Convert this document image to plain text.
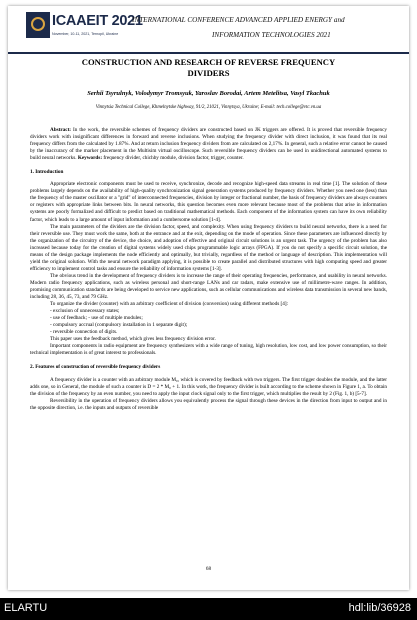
ICAAEIT 2021
November, 10-11, 2021, Ternopil, Ukraine
INTERNATIONAL CONFERENCE ADVANCED APPLIED ENERGY and
INFORMATION TECHNOLOGIES 2021
CONSTRUCTION AND RESEARCH OF REVERSE FREQUENCY
DIVIDERS
Serhii Tsyrulnyk, Volodymyr Tromsyuk, Yaroslav Borodai, Artem Metelitsa, Vasyl Tkachuk
Vinnytsia Technical College, Khmelnytske highway, 91/2, 21021, Vinnytsya, Ukraine; E-mail: tech.college@vtc.vn.ua

Abstract: In the work, the reversible schemes of frequency dividers are constructed based on JK triggers are offered. It is proved that reversible frequency dividers work with insignificant differences in forward and reverse inclusions. When studying the frequency divider with direct inclusion, it was found that its real frequency differs from the calculated by 1.87%. And at return inclusion frequency dividers from are calculated on 2,17%. In general, such a relative error cannot be caused by the inaccuracy of the marker placement in the Multisim virtual oscilloscope. Such reversible frequency dividers can be used in unidirectional automated systems to build neural networks. Keywords: frequency divider, chichby module, division factor, trigger, counter.

1. Introduction

Appropriate electronic components must be used to receive, synchronize, decode and recognize high-speed data streams in real time [1]. The solution of these problems largely depends on the availability of high-quality synchronization signal generation systems produced by frequency dividers. Whether you need one (less) than the frequency of the master oscillator or a "grid" of interconnected frequencies, division by integer or fractional number, the basis of frequency dividers are always counters or registers with appropriate links between bits. In neural networks, this question becomes even more relevant because most of the problems that arise in information systems are poorly formalized and difficult to predict based on traditional mathematical methods. Each component of the information system can have its own reliability factor, which leads to a large amount of input information and a cumbersome solution [1-4].

The main parameters of the dividers are the division factor, speed, and complexity. When using frequency dividers to build neural networks, there is a need for their reversible use. They must work the same, both at the entrance and at the exit, depending on the mode of operation. Since these parameters are influenced directly by the organization of the circuitry of the device, the choice, and adoption of effective and original circuit solutions is an urgent task. The urgency of the problem has also increased because today for the creation of digital systems widely used chips programmable logic arrays (FPGA). If you do not specify a specific circuit solution, the means of the design package implements the node efficiently and optimally, but trivially, regardless of the method or language of description. This implementation will yield the original solution. With the neural network paradigm applying, it is possible to create parallel and distributed structures with high computing speed and greater efficiency to implement control tasks and ensure the reliability of information systems [1-3].

The obvious trend in the development of frequency dividers is to increase the range of their operating frequencies, performance, and usability in neural networks. Modern radio frequency applications, such as wireless personal and short-range LANs and car radars, make extensive use of millimetre-wave ranges. In addition, promising communication standards are being developed to service new applications, such as cellular communications and wireless data transmission in several new bands, including 28, 36, 45, 73, and 79 GHz.

To organize the divider (counter) with an arbitrary coefficient of division (conversion) using different methods [4]:

- exclusion of unnecessary states;

- use of feedback; - use of multiple modules;

- compulsory accrual (compulsory installation in 1 separate digit);

- reversible connection of digits.

This paper uses the feedback method, which gives less frequency division error.

Important components in radio equipment are frequency synthesizers with a wide range of tuning, high resolution, low cost, and low power consumption, so their technical implementation is of great interest to professionals.

2. Features of construction of reversible frequency dividers

A frequency divider is a counter with an arbitrary module M₀, which is covered by feedback with two triggers. The first trigger doubles the module, and the latter adds one, so in General, the module of such a counter is D = 2 * M₀ + 1. In this work, the frequency divider is built according to the scheme shown in Figure 1, a. To obtain the division of the frequency by an even number, you need to apply the input clock signal only to the first trigger, which multiplies the result by 2 (Fig. 1, b) [5-7].

Reversibility in the operation of frequency dividers allows you equivalently process the signal through these devices in the direction from input to output and in the opposite direction, i.e. the inputs and outputs of reversible

68
ELARTU	hdl:lib/36928
